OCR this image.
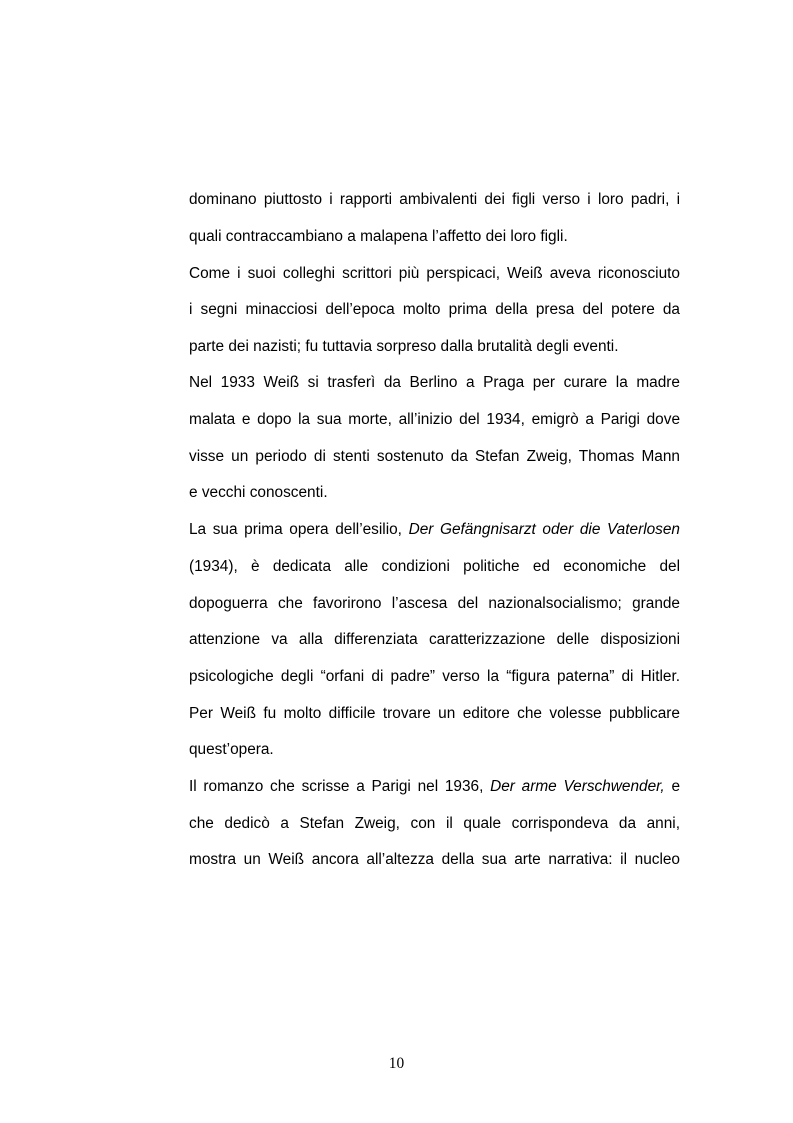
dominano piuttosto i rapporti ambivalenti dei figli verso i loro padri, i
quali contraccambiano a malapena l’affetto dei loro figli.
Come i suoi colleghi scrittori più perspicaci, Weiß aveva riconosciuto
i segni minacciosi dell’epoca molto prima della presa del potere da
parte dei nazisti; fu tuttavia sorpreso dalla brutalità degli eventi.
Nel 1933 Weiß si trasferì da Berlino a Praga per curare la madre
malata e dopo la sua morte, all’inizio del 1934, emigrò a Parigi dove
visse un periodo di stenti sostenuto da Stefan Zweig, Thomas Mann
e vecchi conoscenti.
La sua prima opera dell’esilio, Der Gefängnisarzt oder die Vaterlosen
(1934), è dedicata alle condizioni politiche ed economiche del
dopoguerra che favorirono l’ascesa del nazionalsocialismo; grande
attenzione va alla differenziata caratterizzazione delle disposizioni
psicologiche degli “orfani di padre” verso la “figura paterna” di Hitler.
Per Weiß fu molto difficile trovare un editore che volesse pubblicare
quest’opera.
Il romanzo che scrisse a Parigi nel 1936, Der arme Verschwender, e
che dedicò a Stefan Zweig, con il quale corrispondeva da anni,
mostra un Weiß ancora all’altezza della sua arte narrativa: il nucleo
10
